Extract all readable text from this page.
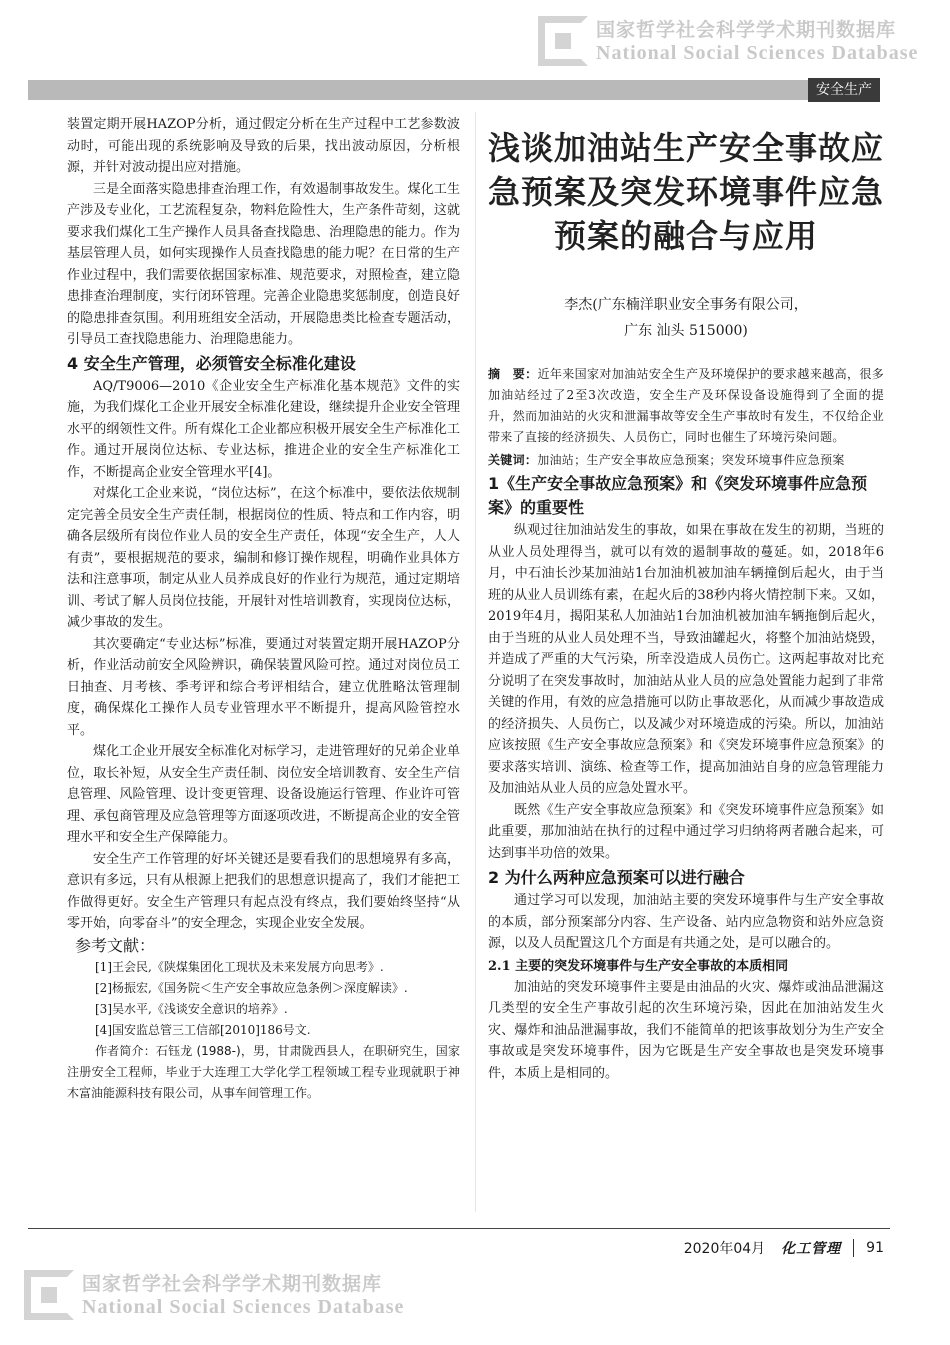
国家哲学社会科学学术期刊数据库
National Social Sciences Database
安全生产

装置定期开展HAZOP分析，通过假定分析在生产过程中工艺参数波动时，可能出现的系统影响及导致的后果，找出波动原因，分析根源，并针对波动提出应对措施。

三是全面落实隐患排查治理工作，有效遏制事故发生。煤化工生产涉及专业化，工艺流程复杂，物料危险性大，生产条件苛刻，这就要求我们煤化工生产操作人员具备查找隐患、治理隐患的能力。作为基层管理人员，如何实现操作人员查找隐患的能力呢？在日常的生产作业过程中，我们需要依据国家标准、规范要求，对照检查，建立隐患排查治理制度，实行闭环管理。完善企业隐患奖惩制度，创造良好的隐患排查氛围。利用班组安全活动，开展隐患类比检查专题活动，引导员工查找隐患能力、治理隐患能力。

4 安全生产管理，必须管安全标准化建设

AQ/T9006—2010《企业安全生产标准化基本规范》文件的实施，为我们煤化工企业开展安全标准化建设，继续提升企业安全管理水平的纲领性文件。所有煤化工企业都应积极开展安全生产标准化工作。通过开展岗位达标、专业达标，推进企业的安全生产标准化工作，不断提高企业安全管理水平[4]。

对煤化工企业来说，“岗位达标”，在这个标准中，要依法依规制定完善全员安全生产责任制，根据岗位的性质、特点和工作内容，明确各层级所有岗位作业人员的安全生产责任，体现“安全生产，人人有责”，要根据规范的要求，编制和修订操作规程，明确作业具体方法和注意事项，制定从业人员养成良好的作业行为规范，通过定期培训、考试了解人员岗位技能，开展针对性培训教育，实现岗位达标，减少事故的发生。

其次要确定“专业达标”标准，要通过对装置定期开展HAZOP分析，作业活动前安全风险辨识，确保装置风险可控。通过对岗位员工日抽查、月考核、季考评和综合考评相结合，建立优胜略汰管理制度，确保煤化工操作人员专业管理水平不断提升，提高风险管控水平。

煤化工企业开展安全标准化对标学习，走进管理好的兄弟企业单位，取长补短，从安全生产责任制、岗位安全培训教育、安全生产信息管理、风险管理、设计变更管理、设备设施运行管理、作业许可管理、承包商管理及应急管理等方面逐项改进，不断提高企业的安全管理水平和安全生产保障能力。

安全生产工作管理的好坏关键还是要看我们的思想境界有多高，意识有多远，只有从根源上把我们的思想意识提高了，我们才能把工作做得更好。安全生产管理只有起点没有终点，我们要始终坚持“从零开始，向零奋斗”的安全理念，实现企业安全发展。

参考文献：

[1]王会民,《陕煤集团化工现状及未来发展方向思考》.

[2]杨振宏,《国务院＜生产安全事故应急条例＞深度解读》.

[3]吴水平,《浅谈安全意识的培养》.

[4]国安监总管三工信部[2010]186号文.

作者简介：石钰龙 (1988-)，男，甘肃陇西县人，在职研究生，国家注册安全工程师，毕业于大连理工大学化学工程领域工程专业现就职于神木富油能源科技有限公司，从事车间管理工作。

浅谈加油站生产安全事故应急预案及突发环境事件应急预案的融合与应用
李杰(广东楠洋职业安全事务有限公司，
广东 汕头 515000)

摘　要：近年来国家对加油站安全生产及环境保护的要求越来越高，很多加油站经过了2至3次改造，安全生产及环保设备设施得到了全面的提升，然而加油站的火灾和泄漏事故等安全生产事故时有发生，不仅给企业带来了直接的经济损失、人员伤亡，同时也催生了环境污染问题。

关键词：加油站；生产安全事故应急预案；突发环境事件应急预案

1《生产安全事故应急预案》和《突发环境事件应急预案》的重要性

纵观过往加油站发生的事故，如果在事故在发生的初期，当班的从业人员处理得当，就可以有效的遏制事故的蔓延。如，2018年6月，中石油长沙某加油站1台加油机被加油车辆撞倒后起火，由于当班的从业人员训练有素，在起火后的38秒内将火情控制下来。又如，2019年4月，揭阳某私人加油站1台加油机被加油车辆拖倒后起火，由于当班的从业人员处理不当，导致油罐起火，将整个加油站烧毁，并造成了严重的大气污染，所幸没造成人员伤亡。这两起事故对比充分说明了在突发事故时，加油站从业人员的应急处置能力起到了非常关键的作用，有效的应急措施可以防止事故恶化，从而减少事故造成的经济损失、人员伤亡，以及减少对环境造成的污染。所以，加油站应该按照《生产安全事故应急预案》和《突发环境事件应急预案》的要求落实培训、演练、检查等工作，提高加油站自身的应急管理能力及加油站从业人员的应急处置水平。

既然《生产安全事故应急预案》和《突发环境事件应急预案》如此重要，那加油站在执行的过程中通过学习归纳将两者融合起来，可达到事半功倍的效果。

2 为什么两种应急预案可以进行融合

通过学习可以发现，加油站主要的突发环境事件与生产安全事故的本质，部分预案部分内容、生产设备、站内应急物资和站外应急资源，以及人员配置这几个方面是有共通之处，是可以融合的。

2.1 主要的突发环境事件与生产安全事故的本质相同

加油站的突发环境事件主要是由油品的火灾、爆炸或油品泄漏这几类型的安全生产事故引起的次生环境污染，因此在加油站发生火灾、爆炸和油品泄漏事故，我们不能简单的把该事故划分为生产安全事故或是突发环境事件，因为它既是生产安全事故也是突发环境事件，本质上是相同的。

2020年04月 化工管理 91
国家哲学社会科学学术期刊数据库
National Social Sciences Database
